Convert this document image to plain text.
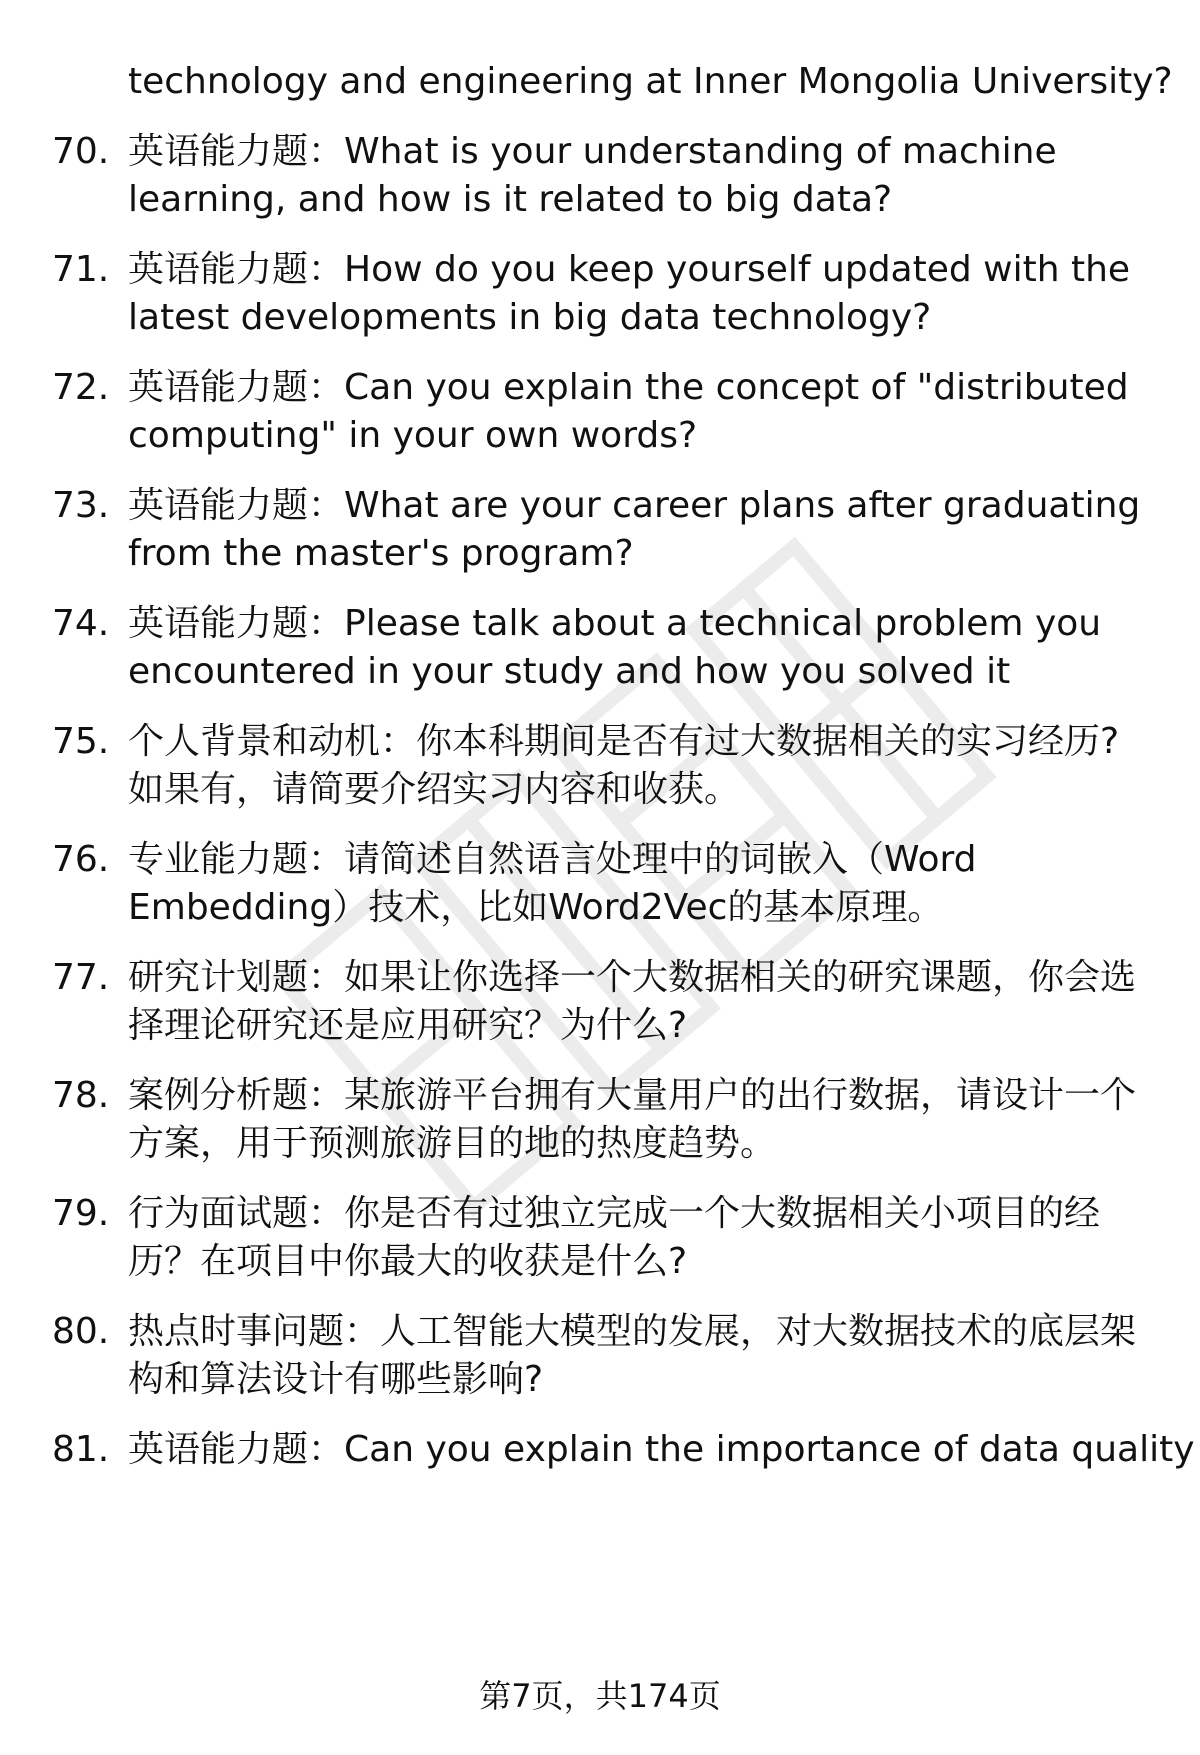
technology and engineering at Inner Mongolia University?
70. 英语能力题：What is your understanding of machine
learning, and how is it related to big data?
71. 英语能力题：How do you keep yourself updated with the
latest developments in big data technology?
72. 英语能力题：Can you explain the concept of "distributed
computing" in your own words?
73. 英语能力题：What are your career plans after graduating
from the master's program?
74. 英语能力题：Please talk about a technical problem you
encountered in your study and how you solved it
75. 个人背景和动机：你本科期间是否有过大数据相关的实习经历?
如果有，请简要介绍实习内容和收获。
76. 专业能力题：请简述自然语言处理中的词嵌入（Word
Embedding）技术，比如Word2Vec的基本原理。
77. 研究计划题：如果让你选择一个大数据相关的研究课题，你会选
择理论研究还是应用研究？为什么?
78. 案例分析题：某旅游平台拥有大量用户的出行数据，请设计一个
方案，用于预测旅游目的地的热度趋势。
79. 行为面试题：你是否有过独立完成一个大数据相关小项目的经
历？在项目中你最大的收获是什么?
80. 热点时事问题：人工智能大模型的发展，对大数据技术的底层架
构和算法设计有哪些影响?
81. 英语能力题：Can you explain the importance of data quality
第7页，共174页
